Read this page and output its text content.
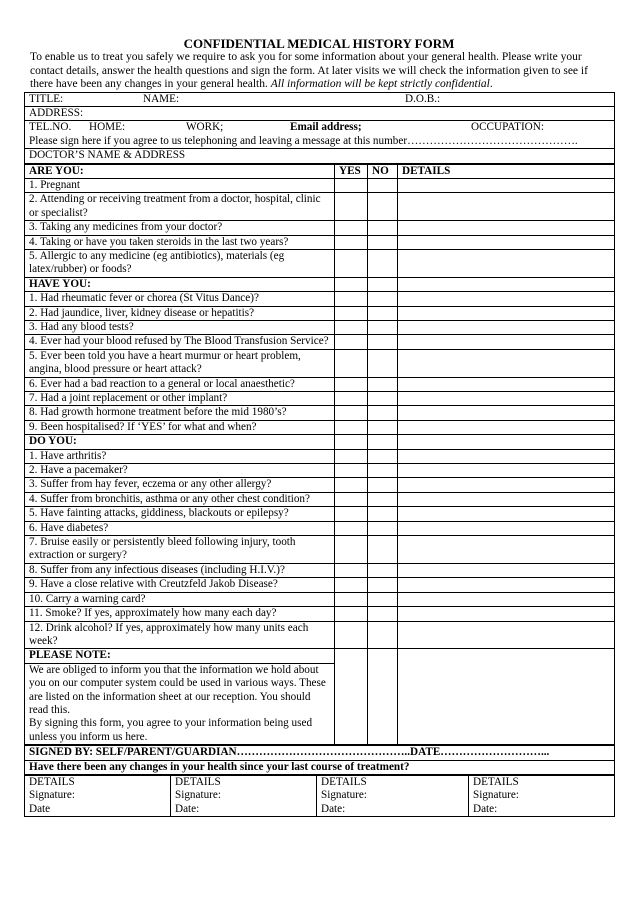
CONFIDENTIAL MEDICAL HISTORY FORM

To enable us to treat you safely we require to ask you for some information about your general health. Please write your contact details, answer the health questions and sign the form. At later visits we will check the information given to see if there have been any changes in your general health. All information will be kept strictly confidential.

TITLE:	NAME:	D.O.B.:

ADDRESS:

TEL.NO. HOME:	WORK;	Email address;	OCCUPATION:
Please sign here if you agree to us telephoning and leaving a message at this number……………………………………….

DOCTOR’S NAME & ADDRESS
ARE YOU:	YES	NO	DETAILS
1. Pregnant			
2. Attending or receiving treatment from a doctor, hospital, clinic or specialist?			
3. Taking any medicines from your doctor?			
4. Taking or have you taken steroids in the last two years?			
5. Allergic to any medicine (eg antibiotics), materials (eg latex/rubber) or foods?			
HAVE YOU:			
1. Had rheumatic fever or chorea (St Vitus Dance)?			
2. Had jaundice, liver, kidney disease or hepatitis?			
3. Had any blood tests?			
4. Ever had your blood refused by The Blood Transfusion Service?			
5. Ever been told you have a heart murmur or heart problem, angina, blood pressure or heart attack?			
6. Ever had a bad reaction to a general or local anaesthetic?			
7. Had a joint replacement or other implant?			
8. Had growth hormone treatment before the mid 1980’s?			
9. Been hospitalised? If ‘YES’ for what and when?			
DO YOU:			
1. Have arthritis?			
2. Have a pacemaker?			
3. Suffer from hay fever, eczema or any other allergy?			
4. Suffer from bronchitis, asthma or any other chest condition?			
5. Have fainting attacks, giddiness, blackouts or epilepsy?			
6. Have diabetes?			
7. Bruise easily or persistently bleed following injury, tooth extraction or surgery?			
8. Suffer from any infectious diseases (including H.I.V.)?			
9. Have a close relative with Creutzfeld Jakob Disease?			
10. Carry a warning card?			
11. Smoke? If yes, approximately how many each day?			
12. Drink alcohol? If yes, approximately how many units each week?			
PLEASE NOTE:			

We are obliged to inform you that the information we hold about you on our computer system could be used in various ways. These are listed on the information sheet at our reception. You should read this.
By signing this form, you agree to your information being used unless you inform us here.			
SIGNED BY: SELF/PARENT/GUARDIAN………………………………………..DATE………………………...
Have there been any changes in your health since your last course of treatment?
DETAILS
Signature:
Date

DETAILS
Signature:
Date:

DETAILS
Signature:
Date:

DETAILS
Signature:
Date:
